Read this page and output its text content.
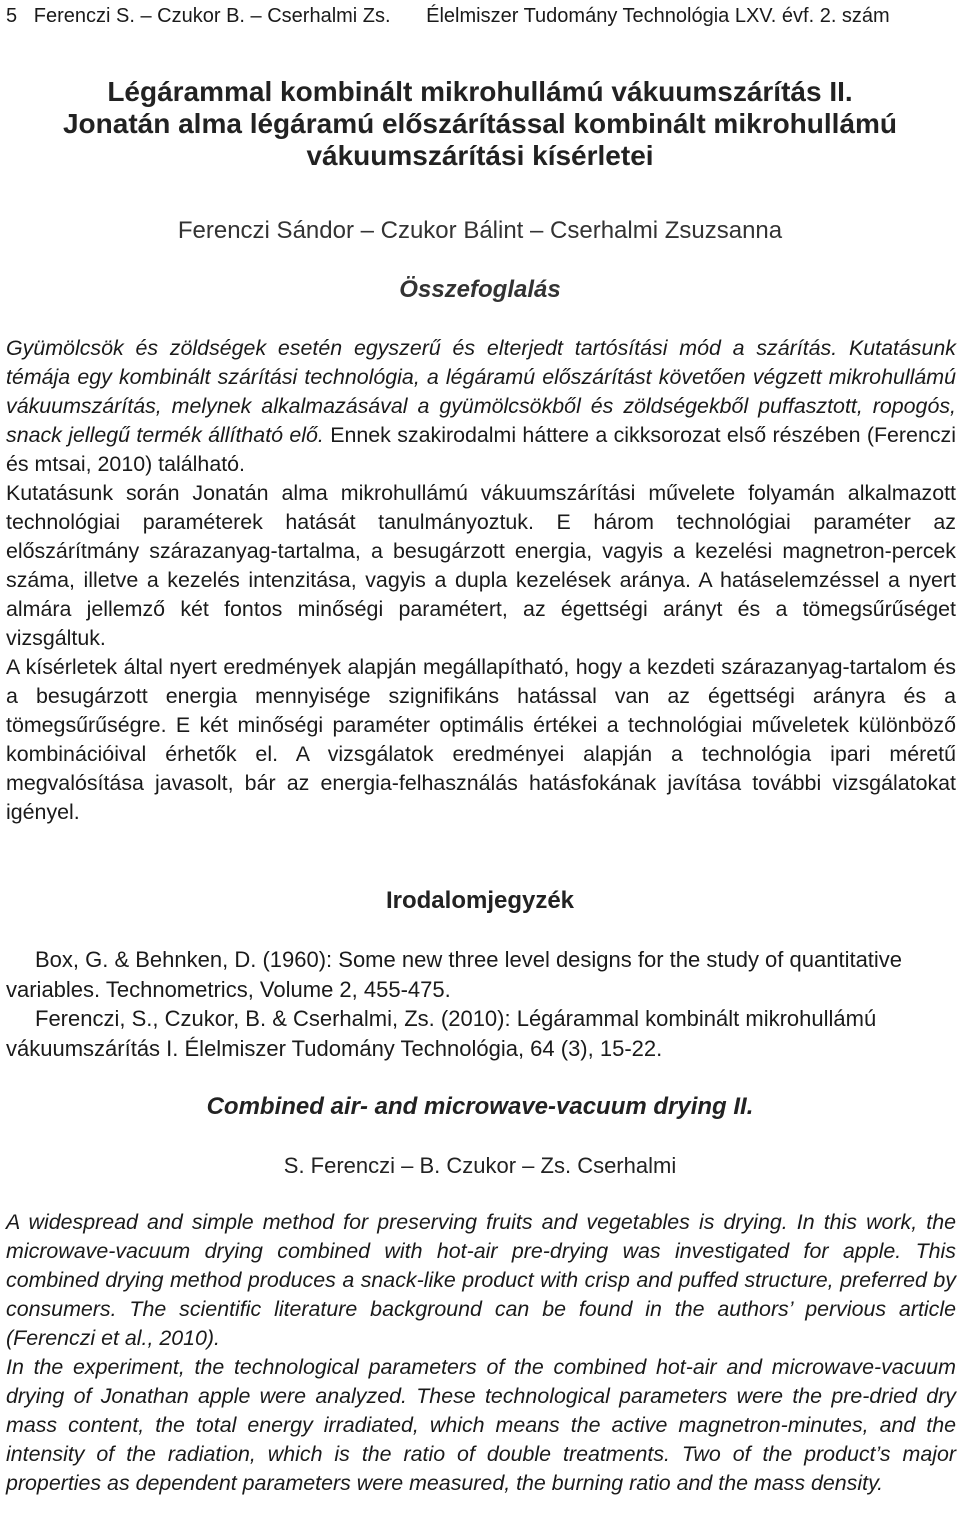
5 Ferenczi S. – Czukor B. – Cserhalmi Zs. Élelmiszer Tudomány Technológia LXV. évf. 2. szám
Légárammal kombinált mikrohullámú vákuumszárítás II.
Jonatán alma légáramú előszárítással kombinált mikrohullámú
vákuumszárítási kísérletei
Ferenczi Sándor – Czukor Bálint – Cserhalmi Zsuzsanna
Összefoglalás

Gyümölcsök és zöldségek esetén egyszerű és elterjedt tartósítási mód a szárítás. Kutatásunk témája egy kombinált szárítási technológia, a légáramú előszárítást követően végzett mikrohullámú vákuumszárítás, melynek alkalmazásával a gyümölcsökből és zöldségekből puffasztott, ropogós, snack jellegű termék állítható elő. Ennek szakirodalmi háttere a cikksorozat első részében (Ferenczi és mtsai, 2010) található.

Kutatásunk során Jonatán alma mikrohullámú vákuumszárítási művelete folyamán alkalmazott technológiai paraméterek hatását tanulmányoztuk. E három technológiai paraméter az előszárítmány szárazanyag-tartalma, a besugárzott energia, vagyis a kezelési magnetron-percek száma, illetve a kezelés intenzitása, vagyis a dupla kezelések aránya. A hatáselemzéssel a nyert almára jellemző két fontos minőségi paramétert, az égettségi arányt és a tömegsűrűséget vizsgáltuk.

A kísérletek által nyert eredmények alapján megállapítható, hogy a kezdeti szárazanyag-tartalom és a besugárzott energia mennyisége szignifikáns hatással van az égettségi arányra és a tömegsűrűségre. E két minőségi paraméter optimális értékei a technológiai műveletek különböző kombinációival érhetők el. A vizsgálatok eredményei alapján a technológia ipari méretű megvalósítása javasolt, bár az energia-felhasználás hatásfokának javítása további vizsgálatokat igényel.

Irodalomjegyzék

Box, G. & Behnken, D. (1960): Some new three level designs for the study of quantitative variables. Technometrics, Volume 2, 455-475.

Ferenczi, S., Czukor, B. & Cserhalmi, Zs. (2010): Légárammal kombinált mikrohullámú vákuumszárítás I. Élelmiszer Tudomány Technológia, 64 (3), 15-22.

Combined air- and microwave-vacuum drying II.
S. Ferenczi – B. Czukor – Zs. Cserhalmi

A widespread and simple method for preserving fruits and vegetables is drying. In this work, the microwave-vacuum drying combined with hot-air pre-drying was investigated for apple. This combined drying method produces a snack-like product with crisp and puffed structure, preferred by consumers. The scientific literature background can be found in the authors’ pervious article (Ferenczi et al., 2010).

In the experiment, the technological parameters of the combined hot-air and microwave-vacuum drying of Jonathan apple were analyzed. These technological parameters were the pre-dried dry mass content, the total energy irradiated, which means the active magnetron-minutes, and the intensity of the radiation, which is the ratio of double treatments. Two of the product’s major properties as dependent parameters were measured, the burning ratio and the mass density.
